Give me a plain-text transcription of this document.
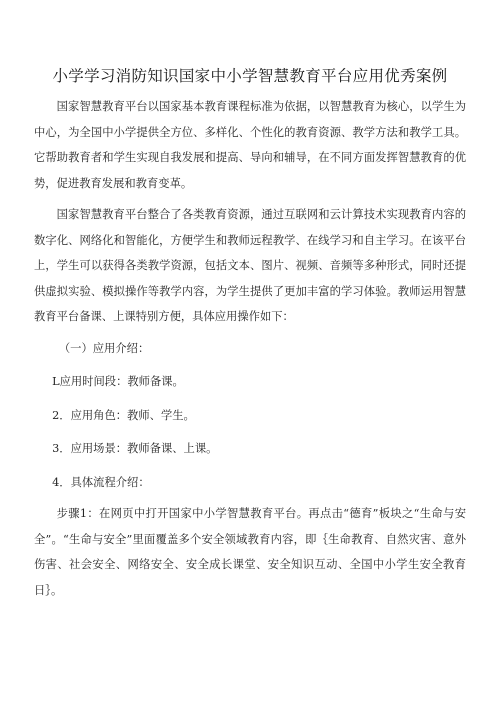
小学学习消防知识国家中小学智慧教育平台应用优秀案例

国家智慧教育平台以国家基本教育课程标准为依据，以智慧教育为核心，以学生为中心，为全国中小学提供全方位、多样化、个性化的教育资源、教学方法和教学工具。它帮助教育者和学生实现自我发展和提高、导向和辅导，在不同方面发挥智慧教育的优势，促进教育发展和教育变革。

国家智慧教育平台整合了各类教育资源，通过互联网和云计算技术实现教育内容的数字化、网络化和智能化，方便学生和教师远程教学、在线学习和自主学习。在该平台上，学生可以获得各类教学资源，包括文本、图片、视频、音频等多种形式，同时还提供虚拟实验、模拟操作等教学内容，为学生提供了更加丰富的学习体验。教师运用智慧教育平台备课、上课特别方便，具体应用操作如下：

（一）应用介绍：

L应用时间段：教师备课。

2．应用角色：教师、学生。

3．应用场景：教师备课、上课。

4．具体流程介绍：

步骤1：在网页中打开国家中小学智慧教育平台。再点击“德育”板块之“生命与安全”。“生命与安全”里面覆盖多个安全领域教育内容，即｛生命教育、自然灾害、意外伤害、社会安全、网络安全、安全成长课堂、安全知识互动、全国中小学生安全教育日｝。
